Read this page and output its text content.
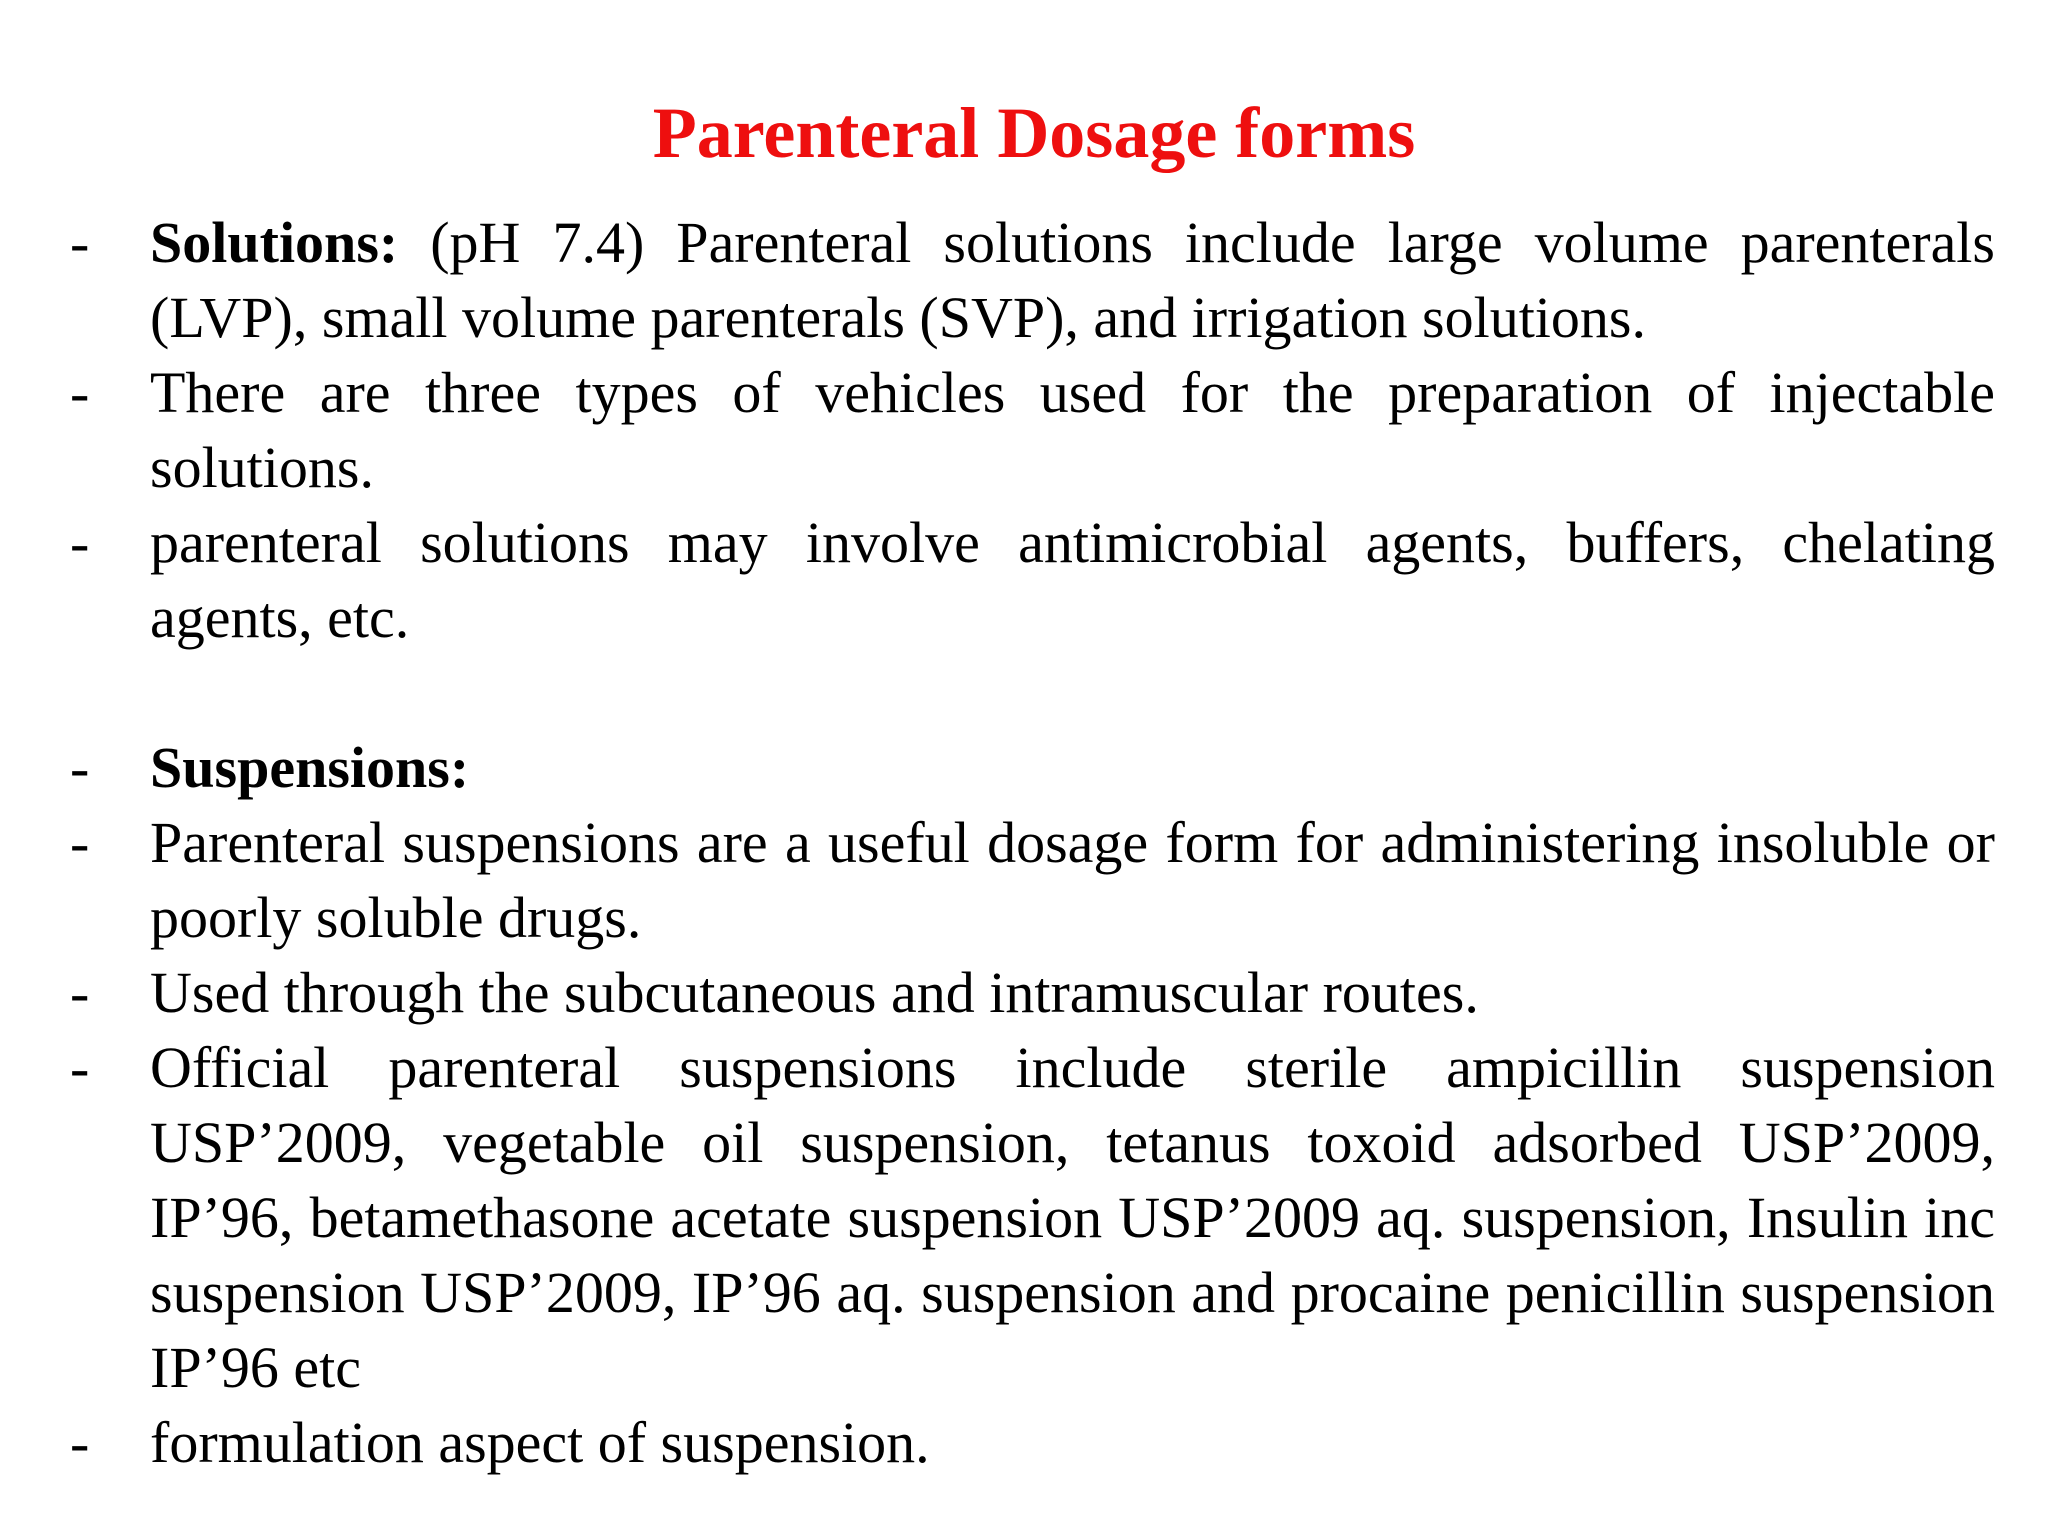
Parenteral Dosage forms
-	Solutions: (pH 7.4) Parenteral solutions include large volume parenterals (LVP), small volume parenterals (SVP), and irrigation solutions.
-	There are three types of vehicles used for the preparation of injectable solutions.
-	parenteral solutions may involve antimicrobial agents, buffers, chelating agents, etc.
-	Suspensions:
-	Parenteral suspensions are a useful dosage form for administering insoluble or poorly soluble drugs.
-	Used through the subcutaneous and intramuscular routes.
-	Official parenteral suspensions include sterile ampicillin suspension USP’2009, vegetable oil suspension, tetanus toxoid adsorbed USP’2009, IP’96, betamethasone acetate suspension USP’2009 aq. suspension, Insulin inc suspension USP’2009, IP’96 aq. suspension and procaine penicillin suspension IP’96 etc
-	formulation aspect of suspension.
